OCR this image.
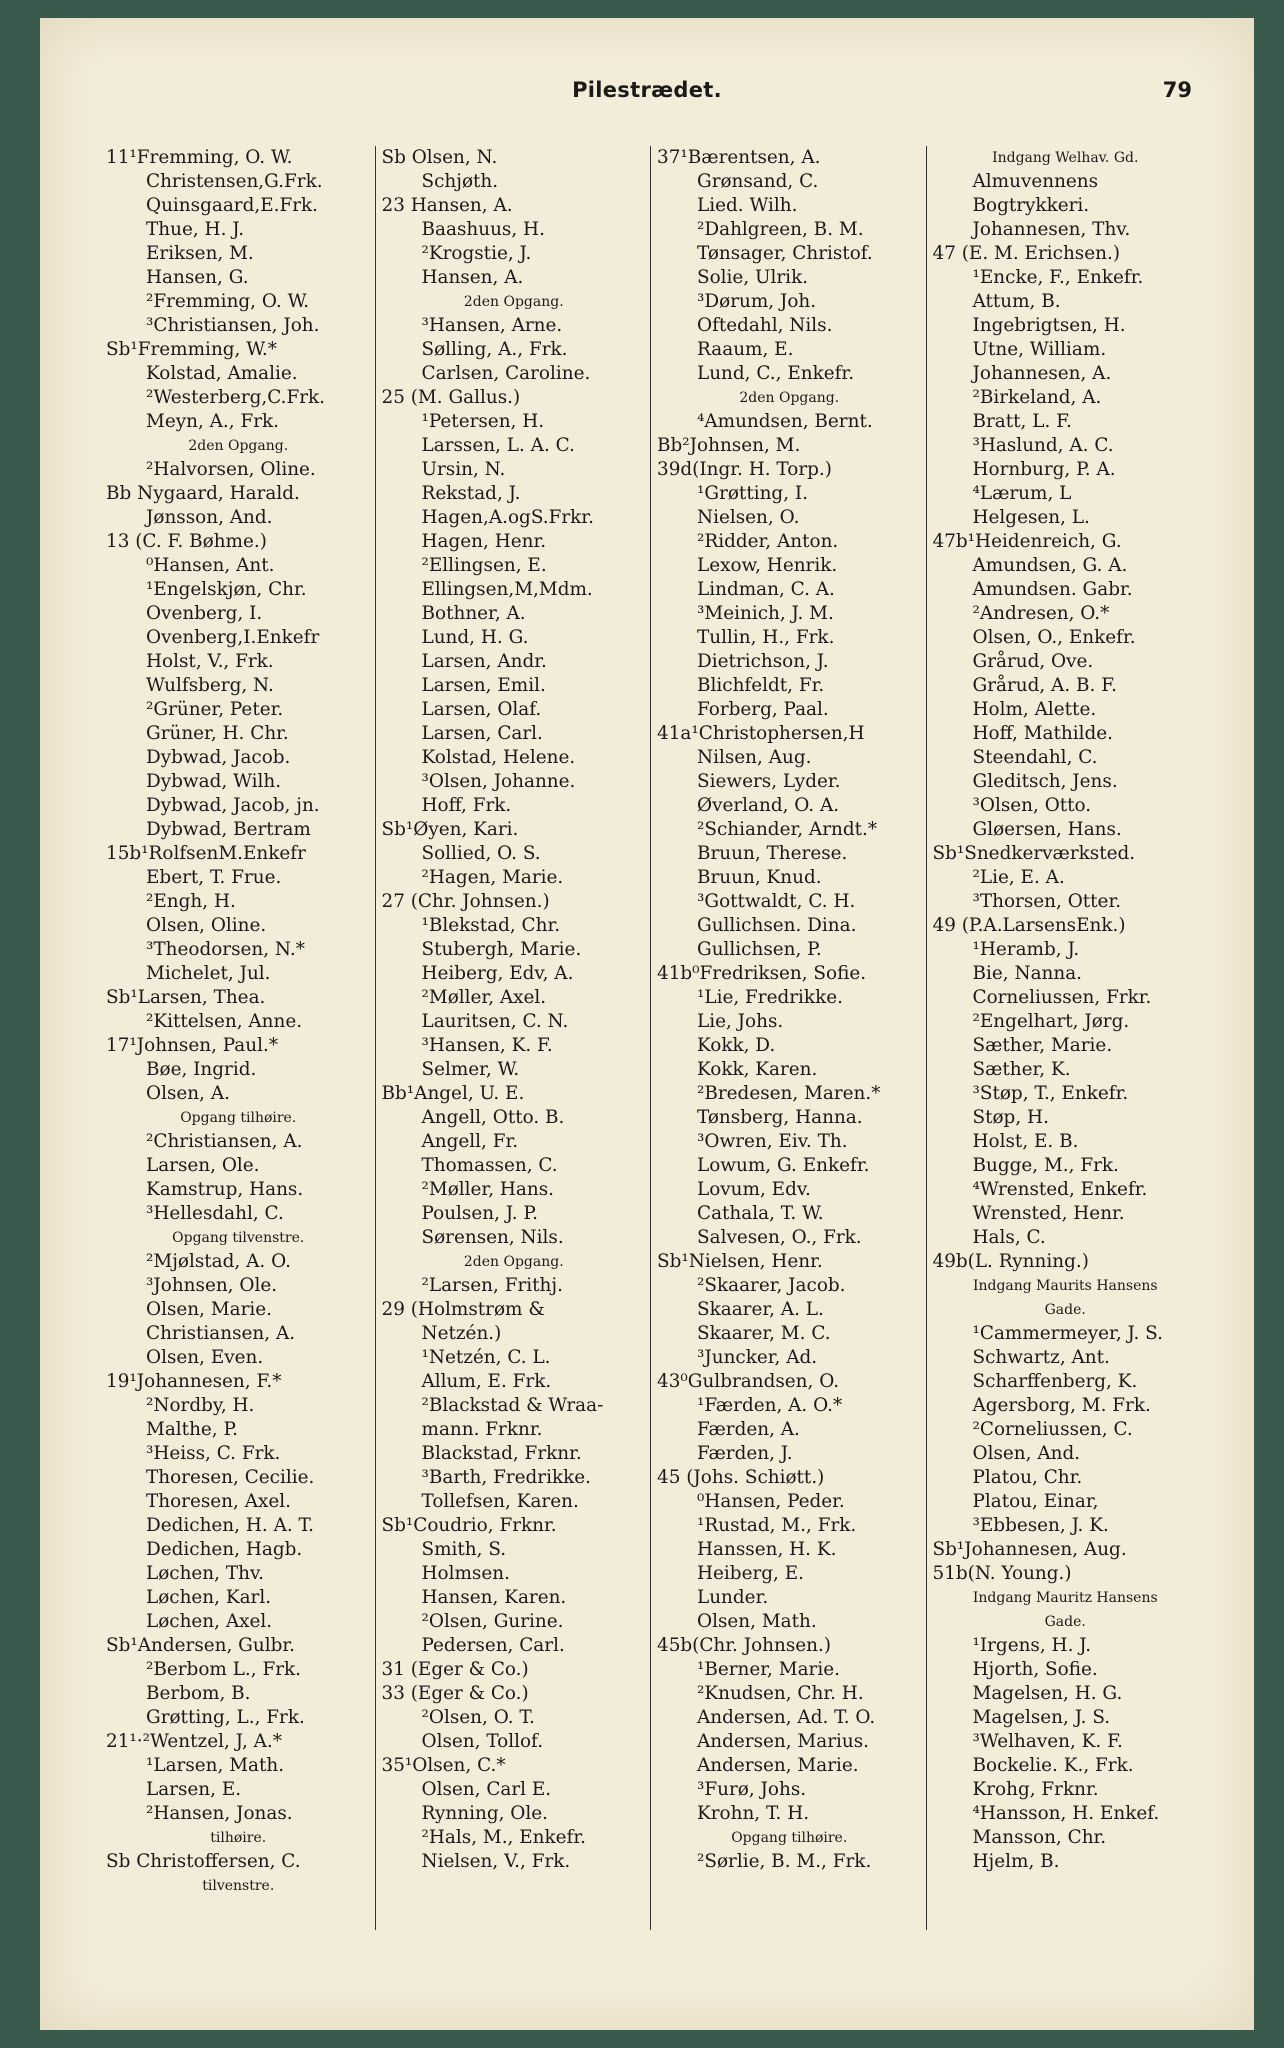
Pilestrædet.	79
11¹Fremming, O. W.
Christensen,G.Frk.
Quinsgaard,E.Frk.
Thue, H. J.
Eriksen, M.
Hansen, G.
²Fremming, O. W.
³Christiansen, Joh.
Sb¹Fremming, W.*
Kolstad, Amalie.
²Westerberg,C.Frk.
Meyn, A., Frk.
2den Opgang.
²Halvorsen, Oline.
Bb Nygaard, Harald.
Jønsson, And.
13 (C. F. Bøhme.)
⁰Hansen, Ant.
¹Engelskjøn, Chr.
Ovenberg, I.
Ovenberg,I.Enkefr
Holst, V., Frk.
Wulfsberg, N.
²Grüner, Peter.
Grüner, H. Chr.
Dybwad, Jacob.
Dybwad, Wilh.
Dybwad, Jacob, jn.
Dybwad, Bertram
15b¹RolfsenM.Enkefr
Ebert, T. Frue.
²Engh, H.
Olsen, Oline.
³Theodorsen, N.*
Michelet, Jul.
Sb¹Larsen, Thea.
²Kittelsen, Anne.
17¹Johnsen, Paul.*
Bøe, Ingrid.
Olsen, A.
Opgang tilhøire.
²Christiansen, A.
Larsen, Ole.
Kamstrup, Hans.
³Hellesdahl, C.
Opgang tilvenstre.
²Mjølstad, A. O.
³Johnsen, Ole.
Olsen, Marie.
Christiansen, A.
Olsen, Even.
19¹Johannesen, F.*
²Nordby, H.
Malthe, P.
³Heiss, C. Frk.
Thoresen, Cecilie.
Thoresen, Axel.
Dedichen, H. A. T.
Dedichen, Hagb.
Løchen, Thv.
Løchen, Karl.
Løchen, Axel.
Sb¹Andersen, Gulbr.
²Berbom L., Frk.
Berbom, B.
Grøtting, L., Frk.
21¹·²Wentzel, J, A.*
¹Larsen, Math.
Larsen, E.
²Hansen, Jonas.
tilhøire.
Sb Christoffersen, C.
tilvenstre.
Sb Olsen, N.
Schjøth.
23 Hansen, A.
Baashuus, H.
²Krogstie, J.
Hansen, A.
2den Opgang.
³Hansen, Arne.
Sølling, A., Frk.
Carlsen, Caroline.
25 (M. Gallus.)
¹Petersen, H.
Larssen, L. A. C.
Ursin, N.
Rekstad, J.
Hagen,A.ogS.Frkr.
Hagen, Henr.
²Ellingsen, E.
Ellingsen,M,Mdm.
Bothner, A.
Lund, H. G.
Larsen, Andr.
Larsen, Emil.
Larsen, Olaf.
Larsen, Carl.
Kolstad, Helene.
³Olsen, Johanne.
Hoff, Frk.
Sb¹Øyen, Kari.
Sollied, O. S.
²Hagen, Marie.
27 (Chr. Johnsen.)
¹Blekstad, Chr.
Stubergh, Marie.
Heiberg, Edv, A.
²Møller, Axel.
Lauritsen, C. N.
³Hansen, K. F.
Selmer, W.
Bb¹Angel, U. E.
Angell, Otto. B.
Angell, Fr.
Thomassen, C.
²Møller, Hans.
Poulsen, J. P.
Sørensen, Nils.
2den Opgang.
²Larsen, Frithj.
29 (Holmstrøm &
Netzén.)
¹Netzén, C. L.
Allum, E. Frk.
²Blackstad & Wraa-
mann. Frknr.
Blackstad, Frknr.
³Barth, Fredrikke.
Tollefsen, Karen.
Sb¹Coudrio, Frknr.
Smith, S.
Holmsen.
Hansen, Karen.
²Olsen, Gurine.
Pedersen, Carl.
31 (Eger & Co.)
33 (Eger & Co.)
²Olsen, O. T.
Olsen, Tollof.
35¹Olsen, C.*
Olsen, Carl E.
Rynning, Ole.
²Hals, M., Enkefr.
Nielsen, V., Frk.
37¹Bærentsen, A.
Grønsand, C.
Lied. Wilh.
²Dahlgreen, B. M.
Tønsager, Christof.
Solie, Ulrik.
³Dørum, Joh.
Oftedahl, Nils.
Raaum, E.
Lund, C., Enkefr.
2den Opgang.
⁴Amundsen, Bernt.
Bb²Johnsen, M.
39d(Ingr. H. Torp.)
¹Grøtting, I.
Nielsen, O.
²Ridder, Anton.
Lexow, Henrik.
Lindman, C. A.
³Meinich, J. M.
Tullin, H., Frk.
Dietrichson, J.
Blichfeldt, Fr.
Forberg, Paal.
41a¹Christophersen,H
Nilsen, Aug.
Siewers, Lyder.
Øverland, O. A.
²Schiander, Arndt.*
Bruun, Therese.
Bruun, Knud.
³Gottwaldt, C. H.
Gullichsen. Dina.
Gullichsen, P.
41b⁰Fredriksen, Sofie.
¹Lie, Fredrikke.
Lie, Johs.
Kokk, D.
Kokk, Karen.
²Bredesen, Maren.*
Tønsberg, Hanna.
³Owren, Eiv. Th.
Lowum, G. Enkefr.
Lovum, Edv.
Cathala, T. W.
Salvesen, O., Frk.
Sb¹Nielsen, Henr.
²Skaarer, Jacob.
Skaarer, A. L.
Skaarer, M. C.
³Juncker, Ad.
43⁰Gulbrandsen, O.
¹Færden, A. O.*
Færden, A.
Færden, J.
45 (Johs. Schiøtt.)
⁰Hansen, Peder.
¹Rustad, M., Frk.
Hanssen, H. K.
Heiberg, E.
Lunder.
Olsen, Math.
45b(Chr. Johnsen.)
¹Berner, Marie.
²Knudsen, Chr. H.
Andersen, Ad. T. O.
Andersen, Marius.
Andersen, Marie.
³Furø, Johs.
Krohn, T. H.
Opgang tilhøire.
²Sørlie, B. M., Frk.
Indgang Welhav. Gd.
Almuvennens
Bogtrykkeri.
Johannesen, Thv.
47 (E. M. Erichsen.)
¹Encke, F., Enkefr.
Attum, B.
Ingebrigtsen, H.
Utne, William.
Johannesen, A.
²Birkeland, A.
Bratt, L. F.
³Haslund, A. C.
Hornburg, P. A.
⁴Lærum, L
Helgesen, L.
47b¹Heidenreich, G.
Amundsen, G. A.
Amundsen. Gabr.
²Andresen, O.*
Olsen, O., Enkefr.
Grårud, Ove.
Grårud, A. B. F.
Holm, Alette.
Hoff, Mathilde.
Steendahl, C.
Gleditsch, Jens.
³Olsen, Otto.
Gløersen, Hans.
Sb¹Snedkerværksted.
²Lie, E. A.
³Thorsen, Otter.
49 (P.A.LarsensEnk.)
¹Heramb, J.
Bie, Nanna.
Corneliussen, Frkr.
²Engelhart, Jørg.
Sæther, Marie.
Sæther, K.
³Støp, T., Enkefr.
Støp, H.
Holst, E. B.
Bugge, M., Frk.
⁴Wrensted, Enkefr.
Wrensted, Henr.
Hals, C.
49b(L. Rynning.)
Indgang Maurits Hansens
Gade.
¹Cammermeyer, J. S.
Schwartz, Ant.
Scharffenberg, K.
Agersborg, M. Frk.
²Corneliussen, C.
Olsen, And.
Platou, Chr.
Platou, Einar,
³Ebbesen, J. K.
Sb¹Johannesen, Aug.
51b(N. Young.)
Indgang Mauritz Hansens
Gade.
¹Irgens, H. J.
Hjorth, Sofie.
Magelsen, H. G.
Magelsen, J. S.
³Welhaven, K. F.
Bockelie. K., Frk.
Krohg, Frknr.
⁴Hansson, H. Enkef.
Mansson, Chr.
Hjelm, B.
